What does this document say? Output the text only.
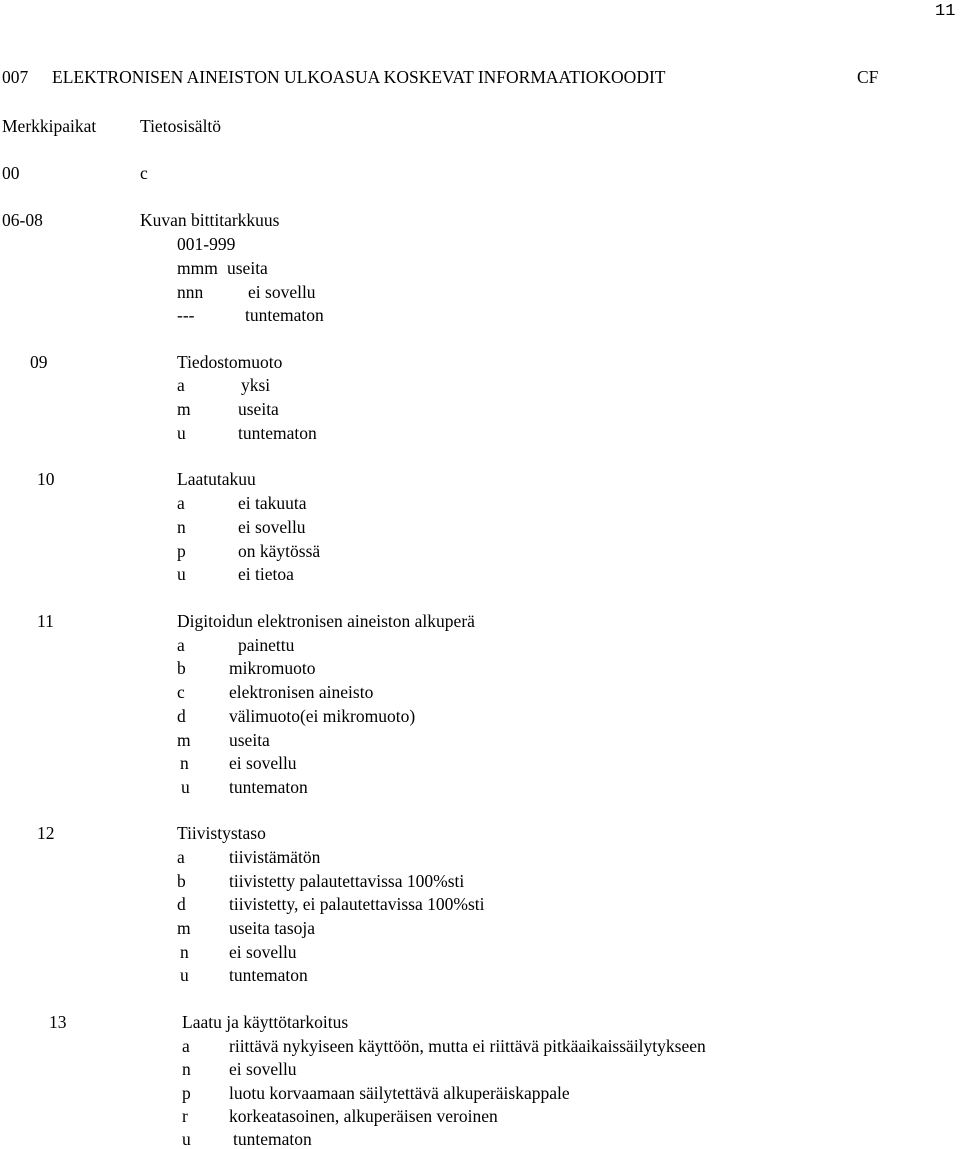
11
007 ELEKTRONISEN AINEISTON ULKOASUA KOSKEVAT INFORMAATIOKOODIT	CF
Merkkipaikat Tietosisältö
00	c
06-08	Kuvan bittitarkkuus
001-999
mmm useita
nnn	ei sovellu
---	tuntematon
09	Tiedostomuoto
a	yksi
m	useita
u	tuntematon
10	Laatutakuu
a	ei takuuta
n	ei sovellu
p	on käytössä
u	ei tietoa
11	Digitoidun elektronisen aineiston alkuperä
a	painettu
b mikromuoto
c	elektronisen aineisto
d välimuoto(ei mikromuoto)
m useita
n ei sovellu
u tuntematon
12	Tiivistystaso
a	tiivistämätön
b tiivistetty palautettavissa 100%sti
d tiivistetty, ei palautettavissa 100%sti
m useita tasoja
n ei sovellu
u tuntematon
13	Laatu ja käyttötarkoitus
a riittävä nykyiseen käyttöön, mutta ei riittävä pitkäaikaissäilytykseen
n ei sovellu
p luotu korvaamaan säilytettävä alkuperäiskappale
r korkeatasoinen, alkuperäisen veroinen
u tuntematon
